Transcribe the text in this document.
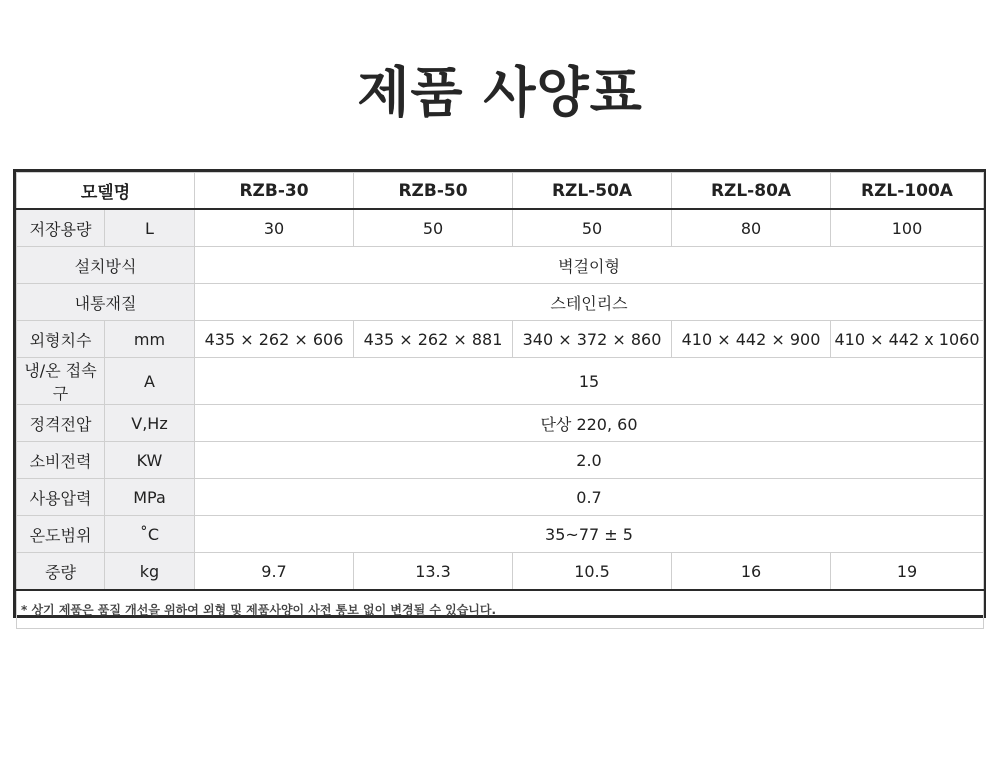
제품 사양표
모델명		RZB-30	RZB-50	RZL-50A	RZL-80A	RZL-100A
저장용량	L	30	50	50	80	100
설치방식		벽걸이형				
내통재질		스테인리스				
외형치수	mm	435 × 262 × 606	435 × 262 × 881	340 × 372 × 860	410 × 442 × 900	410 × 442 x 1060
냉/온 접속구	A	15				
정격전압	V,Hz	단상 220, 60				
소비전력	KW	2.0				
사용압력	MPa	0.7				
온도범위	˚C	35~77 ± 5				
중량	kg	9.7	13.3	10.5	16	19
* 상기 제품은 품질 개선을 위하여 외형 및 제품사양이 사전 통보 없이 변경될 수 있습니다.						
